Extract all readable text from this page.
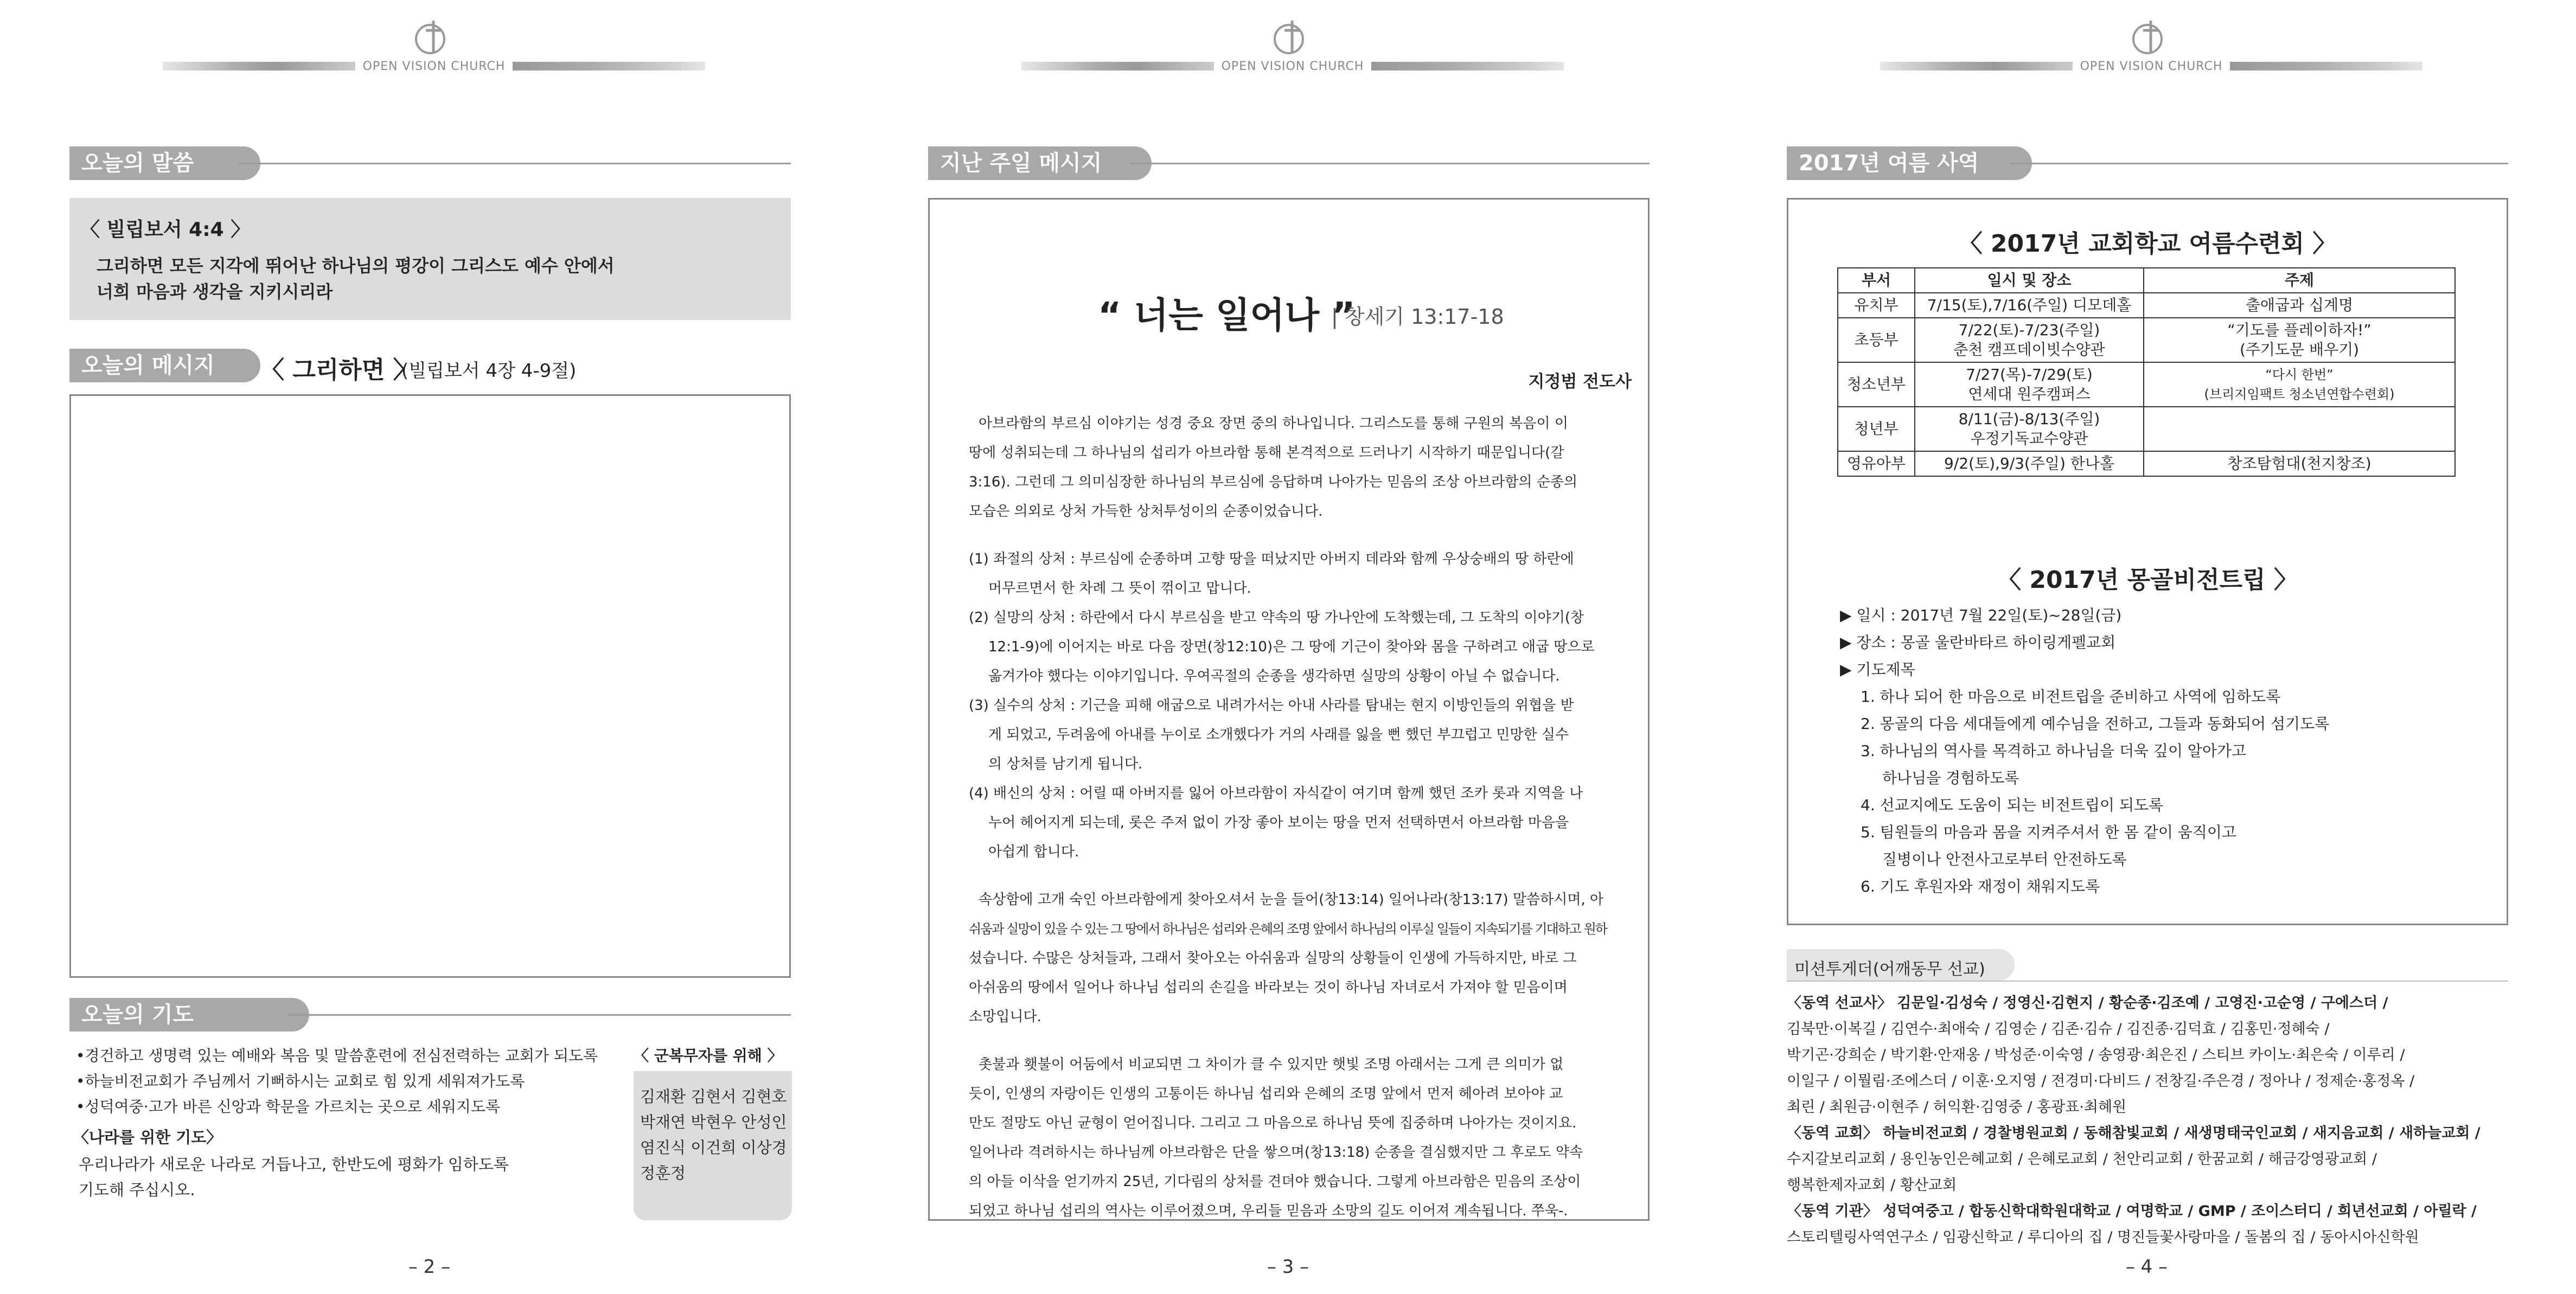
OPEN VISION CHURCH
오늘의 말씀
〈 빌립보서 4:4 〉
그리하면 모든 지각에 뛰어난 하나님의 평강이 그리스도 예수 안에서
너희 마음과 생각을 지키시리라
오늘의 메시지	〈 그리하면 〉
(빌립보서 4장 4-9절)
오늘의 기도
•경건하고 생명력 있는 예배와 복음 및 말씀훈련에 전심전력하는 교회가 되도록
•하늘비전교회가 주님께서 기뻐하시는 교회로 힘 있게 세워져가도록
•성덕여중·고가 바른 신앙과 학문을 가르치는 곳으로 세워지도록
〈나라를 위한 기도〉
우리나라가 새로운 나라로 거듭나고, 한반도에 평화가 임하도록
기도해 주십시오.
〈 군복무자를 위해 〉
김재환 김현서 김현호
박재연 박현우 안성인
염진식 이건희 이상경
정훈정
– 2 –
OPEN VISION CHURCH
지난 주일 메시지
“ 너는 일어나 ”
| 창세기 13:17-18
지정범 전도사

아브라함의 부르심 이야기는 성경 중요 장면 중의 하나입니다. 그리스도를 통해 구원의 복음이 이

땅에 성취되는데 그 하나님의 섭리가 아브라함 통해 본격적으로 드러나기 시작하기 때문입니다(갈

3:16). 그런데 그 의미심장한 하나님의 부르심에 응답하며 나아가는 믿음의 조상 아브라함의 순종의

모습은 의외로 상처 가득한 상처투성이의 순종이었습니다.

(1) 좌절의 상처 : 부르심에 순종하며 고향 땅을 떠났지만 아버지 데라와 함께 우상숭배의 땅 하란에

머무르면서 한 차례 그 뜻이 꺾이고 맙니다.

(2) 실망의 상처 : 하란에서 다시 부르심을 받고 약속의 땅 가나안에 도착했는데, 그 도착의 이야기(창

12:1-9)에 이어지는 바로 다음 장면(창12:10)은 그 땅에 기근이 찾아와 몸을 구하려고 애굽 땅으로

옮겨가야 했다는 이야기입니다. 우여곡절의 순종을 생각하면 실망의 상황이 아닐 수 없습니다.

(3) 실수의 상처 : 기근을 피해 애굽으로 내려가서는 아내 사라를 탐내는 현지 이방인들의 위협을 받

게 되었고, 두려움에 아내를 누이로 소개했다가 거의 사래를 잃을 뻔 했던 부끄럽고 민망한 실수

의 상처를 남기게 됩니다.

(4) 배신의 상처 : 어릴 때 아버지를 잃어 아브라함이 자식같이 여기며 함께 했던 조카 롯과 지역을 나

누어 헤어지게 되는데, 롯은 주저 없이 가장 좋아 보이는 땅을 먼저 선택하면서 아브라함 마음을

아쉽게 합니다.

속상함에 고개 숙인 아브라함에게 찾아오셔서 눈을 들어(창13:14) 일어나라(창13:17) 말씀하시며, 아

쉬움과 실망이 있을 수 있는 그 땅에서 하나님은 섭리와 은혜의 조명 앞에서 하나님의 이루실 일들이 지속되기를 기대하고 원하

셨습니다. 수많은 상처들과, 그래서 찾아오는 아쉬움과 실망의 상황들이 인생에 가득하지만, 바로 그

아쉬움의 땅에서 일어나 하나님 섭리의 손길을 바라보는 것이 하나님 자녀로서 가져야 할 믿음이며

소망입니다.

촛불과 횃불이 어둠에서 비교되면 그 차이가 클 수 있지만 햇빛 조명 아래서는 그게 큰 의미가 없

듯이, 인생의 자랑이든 인생의 고통이든 하나님 섭리와 은혜의 조명 앞에서 먼저 헤아려 보아야 교

만도 절망도 아닌 균형이 얻어집니다. 그리고 그 마음으로 하나님 뜻에 집중하며 나아가는 것이지요.

일어나라 격려하시는 하나님께 아브라함은 단을 쌓으며(창13:18) 순종을 결심했지만 그 후로도 약속

의 아들 이삭을 얻기까지 25년, 기다림의 상처를 견뎌야 했습니다. 그렇게 아브라함은 믿음의 조상이

되었고 하나님 섭리의 역사는 이루어졌으며, 우리들 믿음과 소망의 길도 이어져 계속됩니다. 쭈욱-.

– 3 –
OPEN VISION CHURCH
2017년 여름 사역
〈 2017년 교회학교 여름수련회 〉
부서	일시 및 장소	주제
유치부	7/15(토),7/16(주일) 디모데홀	출애굽과 십계명
초등부	7/22(토)-7/23(주일)
춘천 캠프데이빗수양관	“기도를 플레이하자!”
(주기도문 배우기)
청소년부	7/27(목)-7/29(토)
연세대 원주캠퍼스	“다시 한번”
(브리지임팩트 청소년연합수련회)
청년부	8/11(금)-8/13(주일)
우정기독교수양관	
영유아부	9/2(토),9/3(주일) 한나홀	창조탐험대(천지창조)
〈 2017년 몽골비전트립 〉
▶ 일시 : 2017년 7월 22일(토)~28일(금)
▶ 장소 : 몽골 울란바타르 하이링게펠교회
▶ 기도제목
1. 하나 되어 한 마음으로 비전트립을 준비하고 사역에 임하도록
2. 몽골의 다음 세대들에게 예수님을 전하고, 그들과 동화되어 섬기도록
3. 하나님의 역사를 목격하고 하나님을 더욱 깊이 알아가고
하나님을 경험하도록
4. 선교지에도 도움이 되는 비전트립이 되도록
5. 팀원들의 마음과 몸을 지켜주셔서 한 몸 같이 움직이고
질병이나 안전사고로부터 안전하도록
6. 기도 후원자와 재정이 채워지도록
미션투게더(어깨동무 선교)
〈동역 선교사〉 김문일·김성숙 / 정영신·김현지 / 황순종·김조예 / 고영진·고순영 / 구에스더 /
김북만·이복길 / 김연수·최애숙 / 김영순 / 김존·김슈 / 김진종·김덕효 / 김홍민·정혜숙 /
박기곤·강희순 / 박기환·안재옹 / 박성준·이숙영 / 송영광·최은진 / 스티브 카이노·최은숙 / 이루리 /
이일구 / 이뭘림·조에스더 / 이훈·오지영 / 전경미·다비드 / 전창길·주은경 / 정아나 / 정제순·홍정옥 /
최린 / 최원금·이현주 / 허익환·김영중 / 홍광표·최혜원
〈동역 교회〉 하늘비전교회 / 경찰병원교회 / 동해참빛교회 / 새생명태국인교회 / 새지음교회 / 새하늘교회 /
수지갈보리교회 / 용인농인은혜교회 / 은혜로교회 / 천안리교회 / 한꿈교회 / 해금강영광교회 /
행복한제자교회 / 황산교회
〈동역 기관〉 성덕여중고 / 합동신학대학원대학교 / 여명학교 / GMP / 조이스터디 / 희년선교회 / 아릴락 /
스토리텔링사역연구소 / 임광신학교 / 루디아의 집 / 명진들꽃사랑마을 / 돌봄의 집 / 동아시아신학원
– 4 –
